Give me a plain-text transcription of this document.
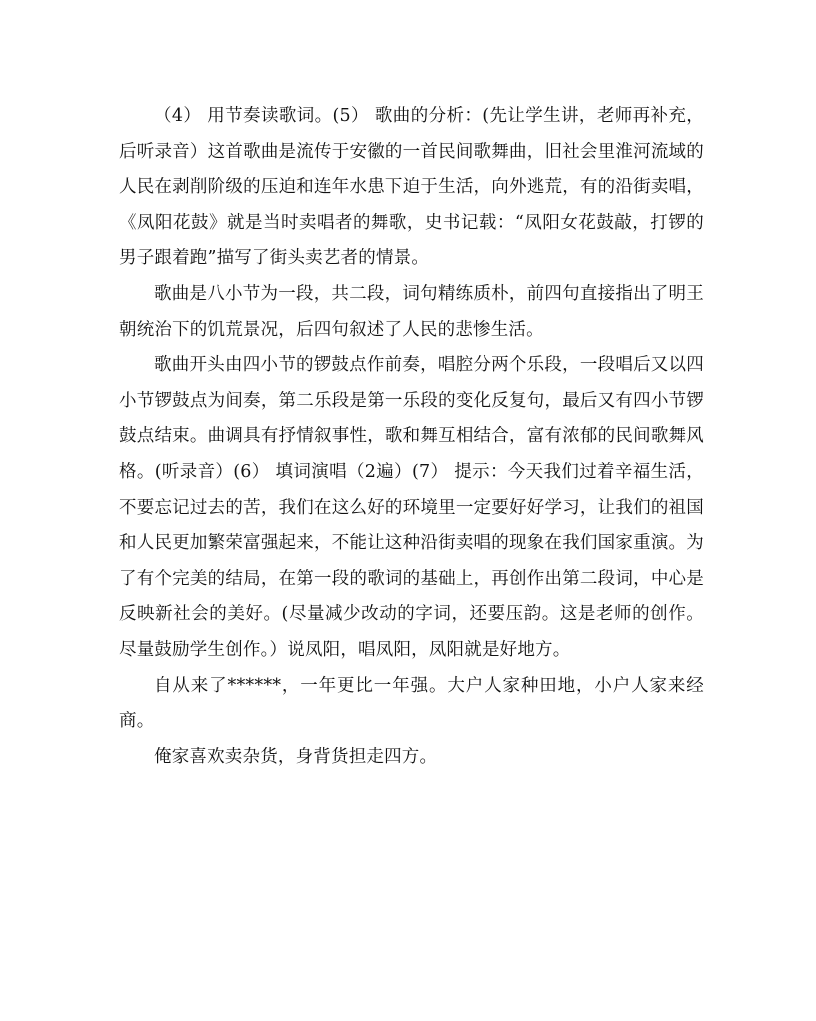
（4） 用节奏读歌词。(5） 歌曲的分析：(先让学生讲，老师再补充，后听录音）这首歌曲是流传于安徽的一首民间歌舞曲，旧社会里淮河流域的人民在剥削阶级的压迫和连年水患下迫于生活，向外逃荒，有的沿街卖唱，《凤阳花鼓》就是当时卖唱者的舞歌，史书记载：“凤阳女花鼓敲，打锣的男子跟着跑”描写了街头卖艺者的情景。

歌曲是八小节为一段，共二段，词句精练质朴，前四句直接指出了明王朝统治下的饥荒景况，后四句叙述了人民的悲惨生活。

歌曲开头由四小节的锣鼓点作前奏，唱腔分两个乐段，一段唱后又以四小节锣鼓点为间奏，第二乐段是第一乐段的变化反复句，最后又有四小节锣鼓点结束。曲调具有抒情叙事性，歌和舞互相结合，富有浓郁的民间歌舞风格。(听录音）(6） 填词演唱（2遍）(7） 提示：今天我们过着辛福生活，不要忘记过去的苦，我们在这么好的环境里一定要好好学习，让我们的祖国和人民更加繁荣富强起来，不能让这种沿街卖唱的现象在我们国家重演。为了有个完美的结局，在第一段的歌词的基础上，再创作出第二段词，中心是反映新社会的美好。(尽量减少改动的字词，还要压韵。这是老师的创作。尽量鼓励学生创作。）说凤阳，唱凤阳，凤阳就是好地方。

自从来了******，一年更比一年强。大户人家种田地，小户人家来经商。

俺家喜欢卖杂货，身背货担走四方。
